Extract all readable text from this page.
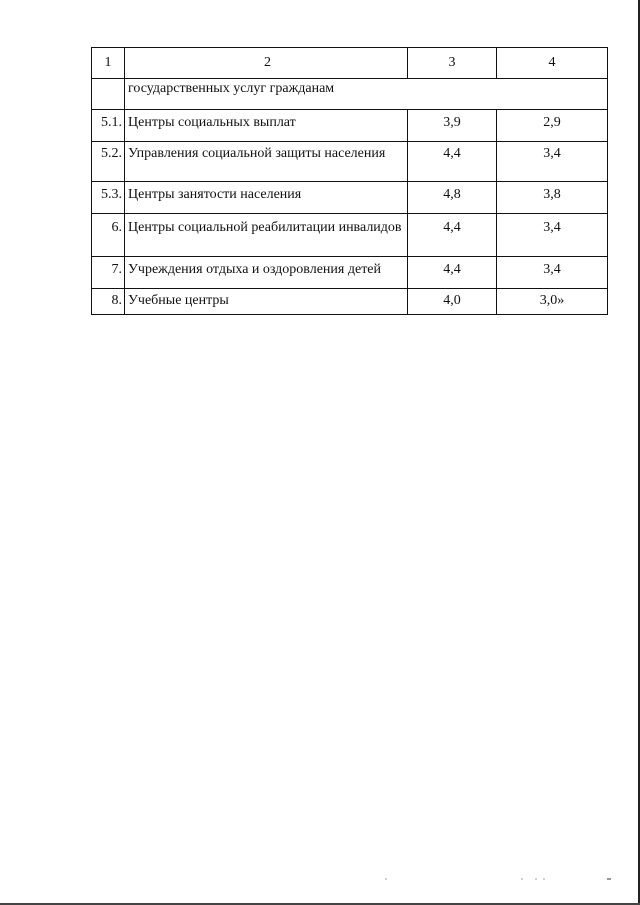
1	2	3	4
	государственных услуг гражданам		
5.1.	Центры социальных выплат	3,9	2,9
5.2.	Управления социальной защиты населения	4,4	3,4
5.3.	Центры занятости населения	4,8	3,8
6.	Центры социальной реабилитации инвалидов	4,4	3,4
7.	Учреждения отдыха и оздоровления детей	4,4	3,4
8.	Учебные центры	4,0	3,0»
